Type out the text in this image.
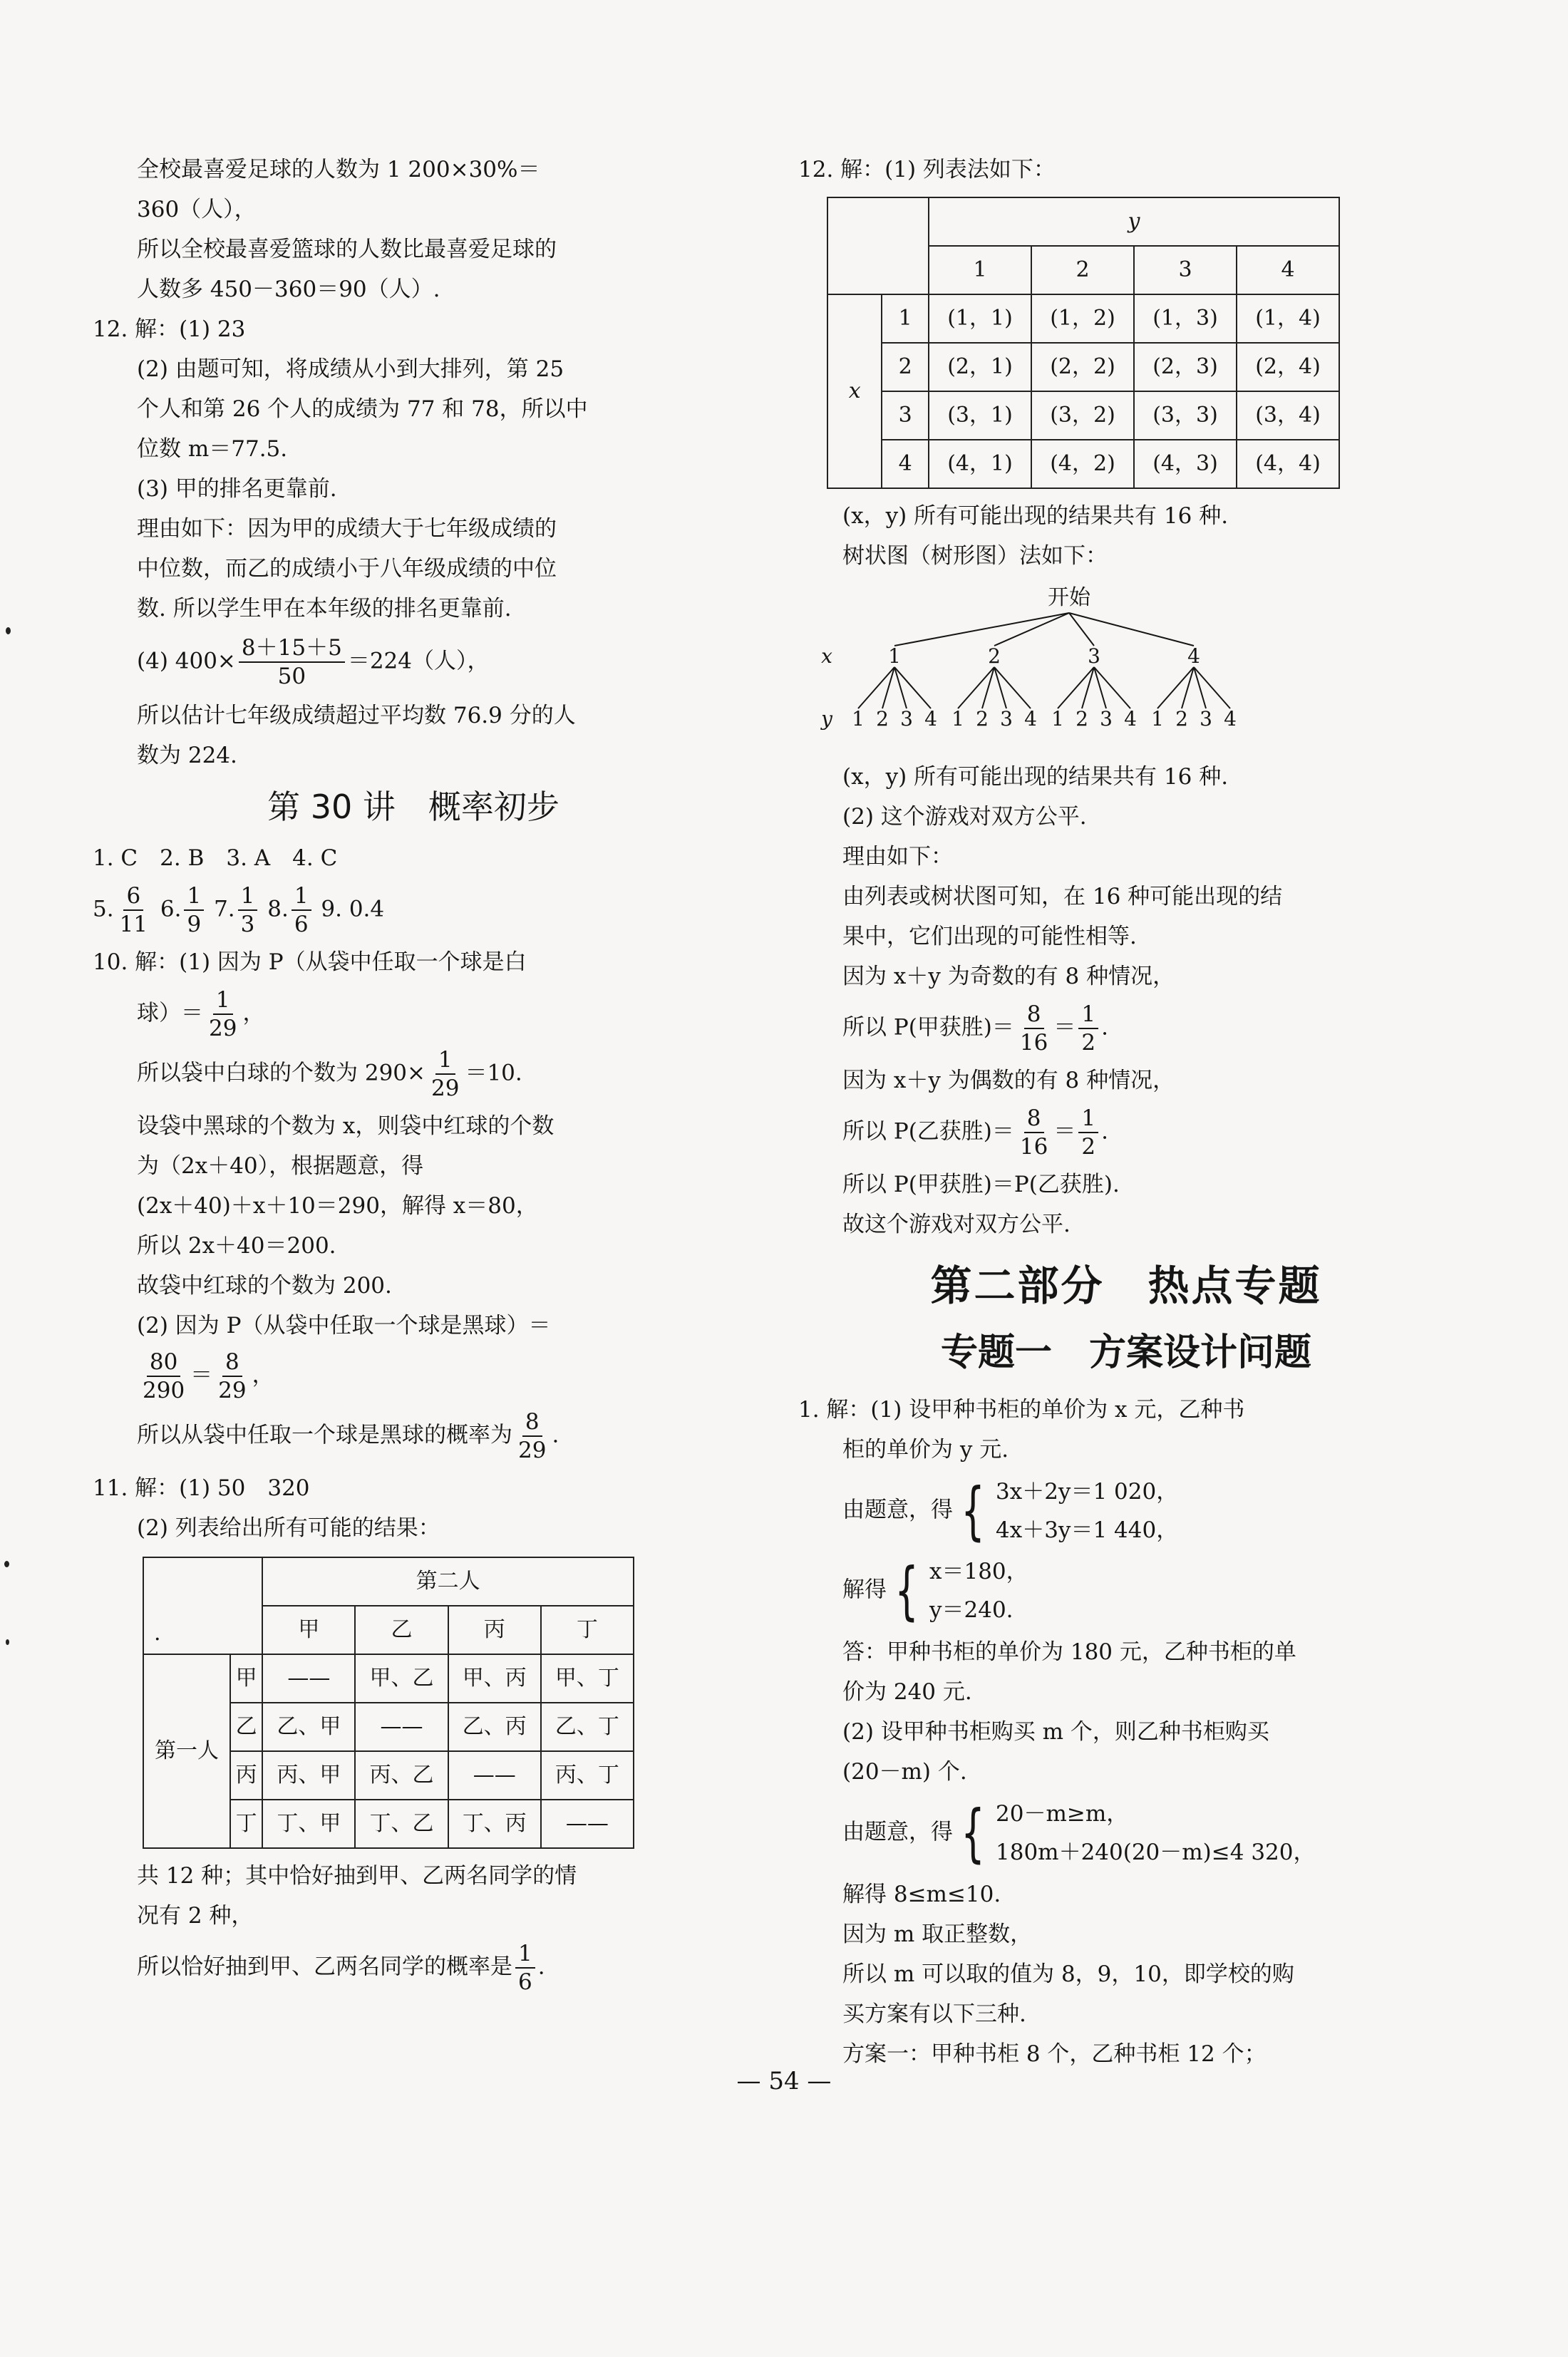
全校最喜爱足球的人数为 1 200×30%＝

360（人），

所以全校最喜爱篮球的人数比最喜爱足球的

人数多 450－360＝90（人）.

12. 解：(1) 23

(2) 由题可知，将成绩从小到大排列，第 25

个人和第 26 个人的成绩为 77 和 78，所以中

位数 m＝77.5.

(3) 甲的排名更靠前.

理由如下：因为甲的成绩大于七年级成绩的

中位数，而乙的成绩小于八年级成绩的中位

数. 所以学生甲在本年级的排名更靠前.

(4) $400\times \frac{8+15+5}{50} =224$（人），

所以估计七年级成绩超过平均数 76.9 分的人

数为 224.

第 30 讲　概率初步

1. C　2. B　3. A　4. C

5. $\frac{6}{11} 6$. $\frac{1}{9} 7$. $\frac{1}{3} 8$. $\frac{1}{6} 9$. 0.4

10. 解：(1) 因为 P（从袋中任取一个球是白

球）＝ $\frac{1}{29}$ ，

所以袋中白球的个数为 $290\times \frac{1}{29} =10$.

设袋中黑球的个数为 x，则袋中红球的个数

为（2x＋40），根据题意，得

(2x＋40)＋x＋10＝290，解得 x＝80，

所以 2x＋40＝200.

故袋中红球的个数为 200.

(2) 因为 P（从袋中任取一个球是黑球）＝

$\frac{80}{290} = \frac{8}{29}$ ，

所以从袋中任取一个球是黑球的概率为 $\frac{8}{29}$ .

11. 解：(1) 50　320

(2) 列表给出所有可能的结果：

.		第二人			
		甲	乙	丙	丁
第一人	甲	——	甲、乙	甲、丙	甲、丁
	乙	乙、甲	——	乙、丙	乙、丁
	丙	丙、甲	丙、乙	——	丙、丁
	丁	丁、甲	丁、乙	丁、丙	——

共 12 种；其中恰好抽到甲、乙两名同学的情

况有 2 种，

所以恰好抽到甲、乙两名同学的概率是 $\frac{1}{6}$ .

12. 解：(1) 列表法如下：

		y			
		1	2	3	4
x	1	(1，1)	(1，2)	(1，3)	(1，4)
	2	(2，1)	(2，2)	(2，3)	(2，4)
	3	(3，1)	(3，2)	(3，3)	(3，4)
	4	(4，1)	(4，2)	(4，3)	(4，4)

(x，y) 所有可能出现的结果共有 16 种.

树状图（树形图）法如下：

开始
x
y
1
1 2 3 4
2
1 2 3 4
3
1 2 3 4
4
1 2 3 4

(x，y) 所有可能出现的结果共有 16 种.

(2) 这个游戏对双方公平.

理由如下：

由列表或树状图可知，在 16 种可能出现的结

果中，它们出现的可能性相等.

因为 x＋y 为奇数的有 8 种情况，

所以 P(甲获胜)＝ $\frac{8}{16} = \frac{1}{2}$ .

因为 x＋y 为偶数的有 8 种情况，

所以 P(乙获胜)＝ $\frac{8}{16} = \frac{1}{2}$ .

所以 P(甲获胜)＝P(乙获胜).

故这个游戏对双方公平.

第二部分　热点专题
专题一　方案设计问题

1. 解：(1) 设甲种书柜的单价为 x 元，乙种书

柜的单价为 y 元.

由题意，得 { 3x＋2y＝1 020，
4x＋3y＝1 440，

解得 { x＝180，
y＝240.

答：甲种书柜的单价为 180 元，乙种书柜的单

价为 240 元.

(2) 设甲种书柜购买 m 个，则乙种书柜购买

(20－m) 个.

由题意，得 { 20－m≥m，
180m＋240(20－m)≤4 320，

解得 8≤m≤10.

因为 m 取正整数，

所以 m 可以取的值为 8，9，10，即学校的购

买方案有以下三种.

方案一：甲种书柜 8 个，乙种书柜 12 个；

— 54 —
